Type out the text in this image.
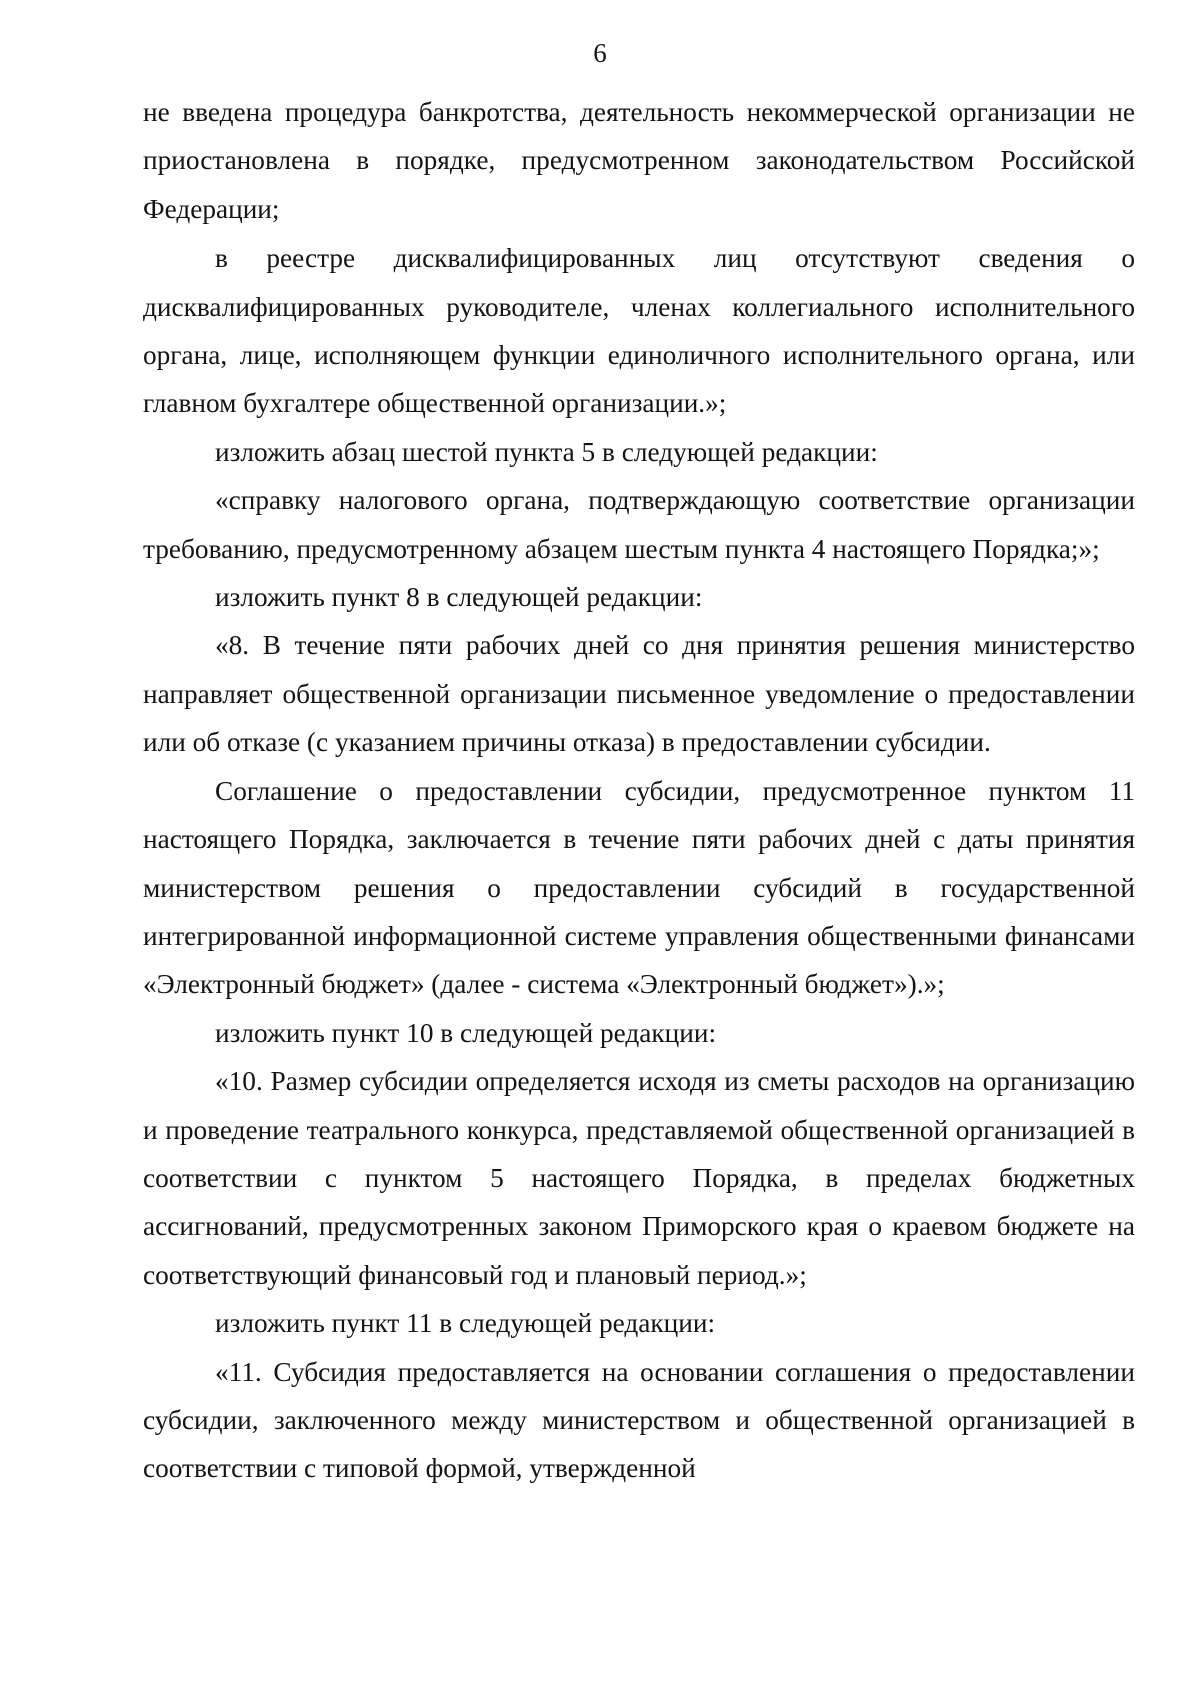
6

не введена процедура банкротства, деятельность некоммерческой организации не приостановлена в порядке, предусмотренном законодательством Российской Федерации;

в реестре дисквалифицированных лиц отсутствуют сведения о дисквалифицированных руководителе, членах коллегиального исполнительного органа, лице, исполняющем функции единоличного исполнительного органа, или главном бухгалтере общественной организации.»;

изложить абзац шестой пункта 5 в следующей редакции:

«справку налогового органа, подтверждающую соответствие организации требованию, предусмотренному абзацем шестым пункта 4 настоящего Порядка;»;

изложить пункт 8 в следующей редакции:

«8. В течение пяти рабочих дней со дня принятия решения министерство направляет общественной организации письменное уведомление о предоставлении или об отказе (с указанием причины отказа) в предоставлении субсидии.

Соглашение о предоставлении субсидии, предусмотренное пунктом 11 настоящего Порядка, заключается в течение пяти рабочих дней с даты принятия министерством решения о предоставлении субсидий в государственной интегрированной информационной системе управления общественными финансами «Электронный бюджет» (далее - система «Электронный бюджет»).»;

изложить пункт 10 в следующей редакции:

«10. Размер субсидии определяется исходя из сметы расходов на организацию и проведение театрального конкурса, представляемой общественной организацией в соответствии с пунктом 5 настоящего Порядка, в пределах бюджетных ассигнований, предусмотренных законом Приморского края о краевом бюджете на соответствующий финансовый год и плановый период.»;

изложить пункт 11 в следующей редакции:

«11. Субсидия предоставляется на основании соглашения о предоставлении субсидии, заключенного между министерством и общественной организацией в соответствии с типовой формой, утвержденной
